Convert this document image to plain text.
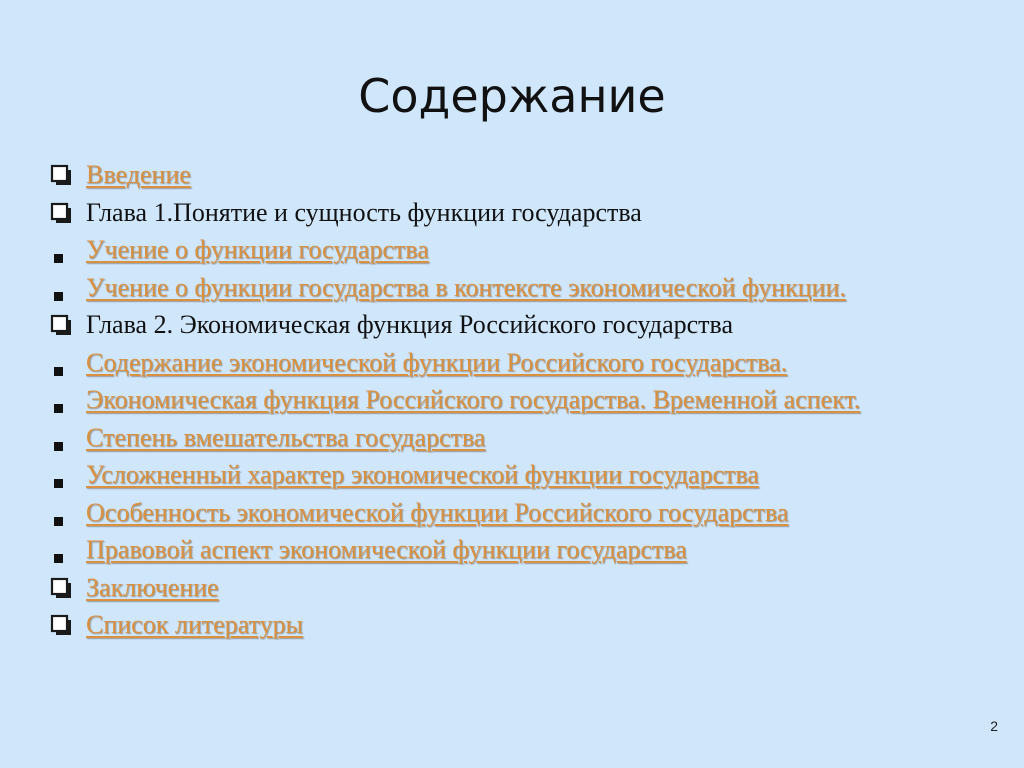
Содержание
Введение
Глава 1.Понятие и сущность функции государства
Учение о функции государства
Учение о функции государства в контексте экономической функции.
Глава 2. Экономическая функция Российского государства
Содержание экономической функции Российского государства.
Экономическая функция Российского государства. Временной аспект.
Степень вмешательства государства
Усложненный характер экономической функции государства
Особенность экономической функции Российского государства
Правовой аспект экономической функции государства
Заключение
Список литературы
2
